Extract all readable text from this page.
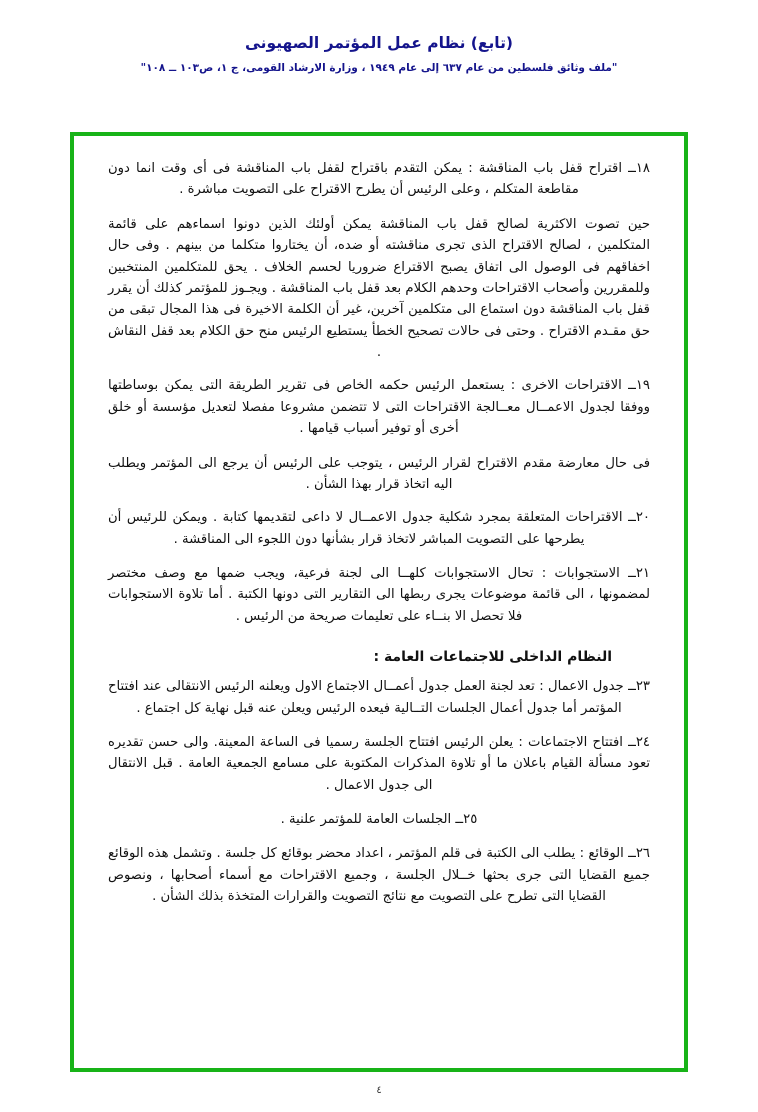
(تابع) نظام عمل المؤتمر الصهيونى
"ملف وثائق فلسطين من عام ٦٣٧ إلى عام ١٩٤٩ ، وزارة الارشاد القومى، ج ١، ص١٠٣ ــ ١٠٨"
١٨ــ اقتراح قفل باب المناقشة : يمكن التقدم باقتراح لقفل باب المناقشة فى أى وقت انما دون مقاطعة المتكلم ، وعلى الرئيس أن يطرح الاقتراح على التصويت مباشرة .
حين تصوت الاكثرية لصالح قفل باب المناقشة يمكن أولئك الذين دونوا اسماءهم على قائمة المتكلمين ، لصالح الاقتراح الذى تجرى مناقشته أو ضده، أن يختاروا متكلما من بينهم . وفى حال اخفاقهم فى الوصول الى اتفاق يصبح الاقتراع ضروريا لحسم الخلاف . يحق للمتكلمين المنتخبين وللمقررين وأصحاب الاقتراحات وحدهم الكلام بعد قفل باب المناقشة . ويجـوز للمؤتمر كذلك أن يقرر قفل باب المناقشة دون استماع الى متكلمين آخرين، غير أن الكلمة الاخيرة فى هذا المجال تبقى من حق مقـدم الاقتراح . وحتى فى حالات تصحيح الخطأ يستطيع الرئيس منح حق الكلام بعد قفل النقاش .
١٩ــ الاقتراحات الاخرى : يستعمل الرئيس حكمه الخاص فى تقرير الطريقة التى يمكن بوساطتها ووفقا لجدول الاعمــال معــالجة الاقتراحات التى لا تتضمن مشروعا مفصلا لتعديل مؤسسة أو خلق أخرى أو توفير أسباب قيامها .
فى حال معارضة مقدم الاقتراح لقرار الرئيس ، يتوجب على الرئيس أن يرجع الى المؤتمر ويطلب اليه اتخاذ قرار بهذا الشأن .
٢٠ــ الاقتراحات المتعلقة بمجرد شكلية جدول الاعمــال لا داعى لتقديمها كتابة . ويمكن للرئيس أن يطرحها على التصويت المباشر لاتخاذ قرار بشأنها دون اللجوء الى المناقشة .
٢١ــ الاستجوابات : تحال الاستجوابات كلهــا الى لجنة فرعية، ويجب ضمها مع وصف مختصر لمضمونها ، الى قائمة موضوعات يجرى ربطها الى التقارير التى دونها الكتبة . أما تلاوة الاستجوابات فلا تحصل الا بنــاء على تعليمات صريحة من الرئيس .
النظام الداخلى للاجتماعات العامة :
٢٣ــ جدول الاعمال : تعد لجنة العمل جدول أعمــال الاجتماع الاول ويعلنه الرئيس الانتقالى عند افتتاح المؤتمر أما جدول أعمال الجلسات التــالية فيعده الرئيس ويعلن عنه قبل نهاية كل اجتماع .
٢٤ــ افتتاح الاجتماعات : يعلن الرئيس افتتاح الجلسة رسميا فى الساعة المعينة. والى حسن تقديره تعود مسألة القيام باعلان ما أو تلاوة المذكرات المكتوبة على مسامع الجمعية العامة . قبل الانتقال الى جدول الاعمال .
٢٥ــ الجلسات العامة للمؤتمر علنية .
٢٦ــ الوقائع : يطلب الى الكتبة فى قلم المؤتمر ، اعداد محضر بوقائع كل جلسة . وتشمل هذه الوقائع جميع القضايا التى جرى بحثها خــلال الجلسة ، وجميع الاقتراحات مع أسماء أصحابها ، ونصوص القضايا التى تطرح على التصويت مع نتائج التصويت والقرارات المتخذة بذلك الشأن .
٤
